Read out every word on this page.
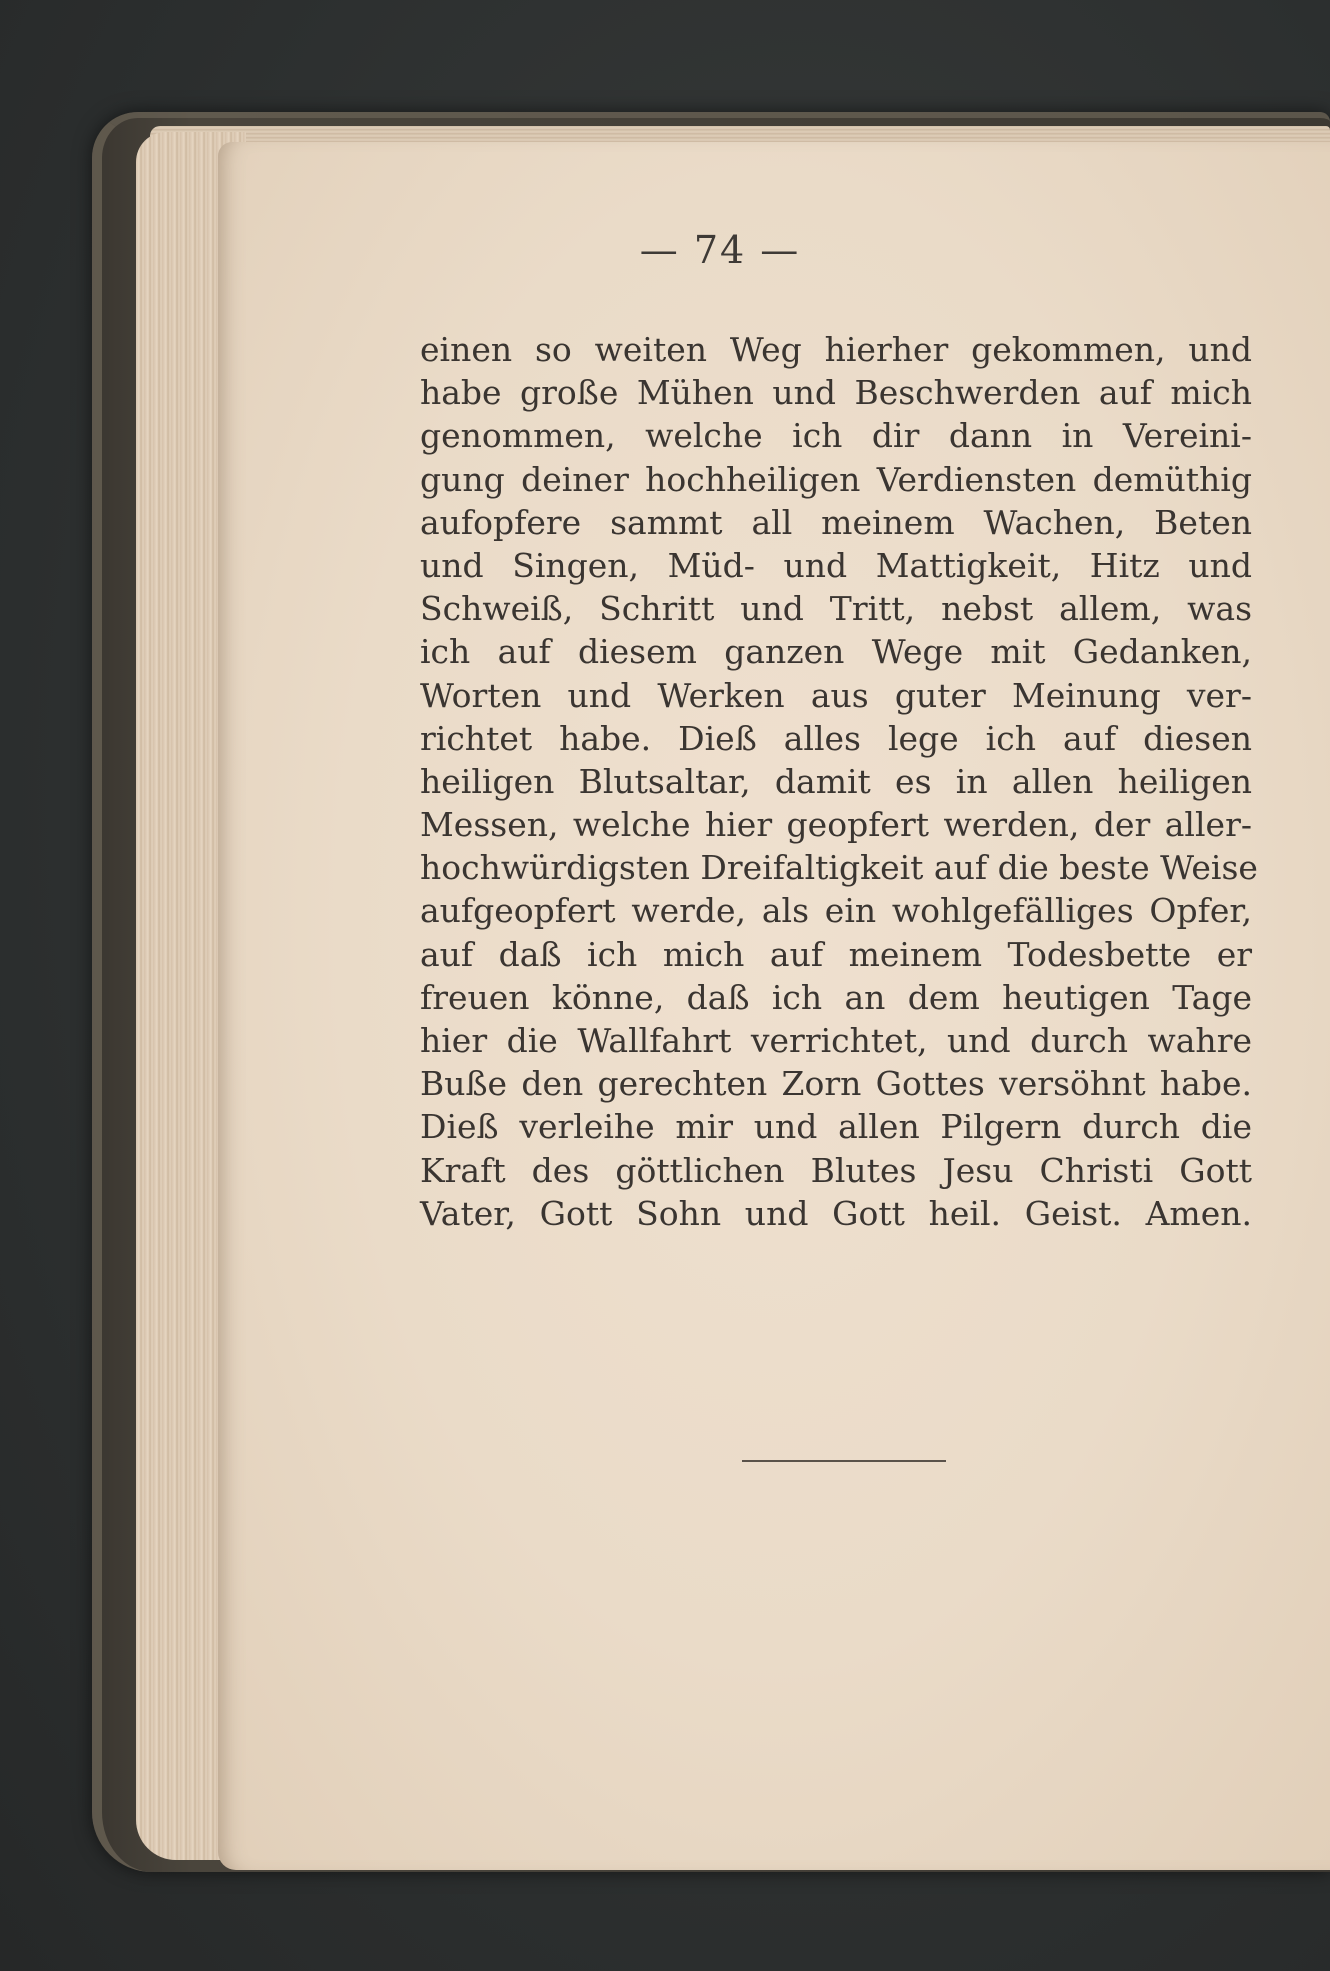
— 74 —
einen so weiten Weg hierher gekommen, und
habe große Mühen und Beschwerden auf mich
genommen, welche ich dir dann in Vereini-
gung deiner hochheiligen Verdiensten demüthig
aufopfere sammt all meinem Wachen, Beten
und Singen, Müd- und Mattigkeit, Hitz und
Schweiß, Schritt und Tritt, nebst allem, was
ich auf diesem ganzen Wege mit Gedanken,
Worten und Werken aus guter Meinung ver-
richtet habe. Dieß alles lege ich auf diesen
heiligen Blutsaltar, damit es in allen heiligen
Messen, welche hier geopfert werden, der aller-
hochwürdigsten Dreifaltigkeit auf die beste Weise
aufgeopfert werde, als ein wohlgefälliges Opfer,
auf daß ich mich auf meinem Todesbette er
freuen könne, daß ich an dem heutigen Tage
hier die Wallfahrt verrichtet, und durch wahre
Buße den gerechten Zorn Gottes versöhnt habe.
Dieß verleihe mir und allen Pilgern durch die
Kraft des göttlichen Blutes Jesu Christi Gott
Vater, Gott Sohn und Gott heil. Geist. Amen.
